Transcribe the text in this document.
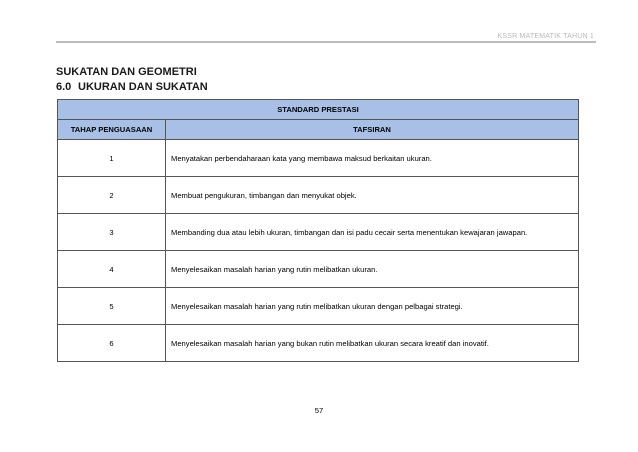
KSSR MATEMATIK TAHUN 1
SUKATAN DAN GEOMETRI
6.0 UKURAN DAN SUKATAN
STANDARD PRESTASI	
TAHAP PENGUASAAN	TAFSIRAN
1	Menyatakan perbendaharaan kata yang membawa maksud berkaitan ukuran.
2	Membuat pengukuran, timbangan dan menyukat objek.
3	Membanding dua atau lebih ukuran, timbangan dan isi padu cecair serta menentukan kewajaran jawapan.
4	Menyelesaikan masalah harian yang rutin melibatkan ukuran.
5	Menyelesaikan masalah harian yang rutin melibatkan ukuran dengan pelbagai strategi.
6	Menyelesaikan masalah harian yang bukan rutin melibatkan ukuran secara kreatif dan inovatif.
57
